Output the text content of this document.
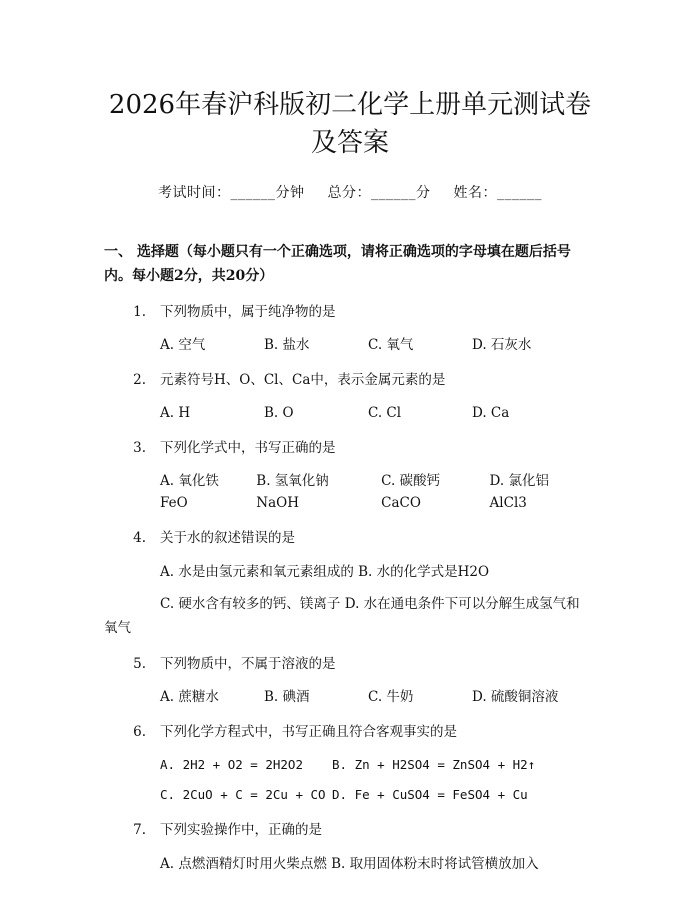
2026年春沪科版初二化学上册单元测试卷及答案
考试时间：______分钟 总分：______分 姓名：______
一、 选择题（每小题只有一个正确选项，请将正确选项的字母填在题后括号内。每小题2分，共20分）
1.	下列物质中，属于纯净物的是
A. 空气	B. 盐水	C. 氧气	D. 石灰水
2.	元素符号H、O、Cl、Ca中，表示金属元素的是
A. H	B. O	C. Cl	D. Ca
3.	下列化学式中，书写正确的是
A. 氧化铁 FeO
B. 氢氧化钠 NaOH
C. 碳酸钙 CaCO
D. 氯化铝 AlCl3
4.	关于水的叙述错误的是
A. 水是由氢元素和氧元素组成的 B. 水的化学式是H2O
C. 硬水含有较多的钙、镁离子 D. 水在通电条件下可以分解生成氢气和
氧气
5.	下列物质中，不属于溶液的是
A. 蔗糖水	B. 碘酒	C. 牛奶	D. 硫酸铜溶液
6.	下列化学方程式中，书写正确且符合客观事实的是
A. 2H2 + O2 = 2H2O2	B. Zn + H2SO4 = ZnSO4 + H2↑
C. 2CuO + C = 2Cu + CO D. Fe + CuSO4 = FeSO4 + Cu
7.	下列实验操作中，正确的是
A. 点燃酒精灯时用火柴点燃 B. 取用固体粉末时将试管横放加入
